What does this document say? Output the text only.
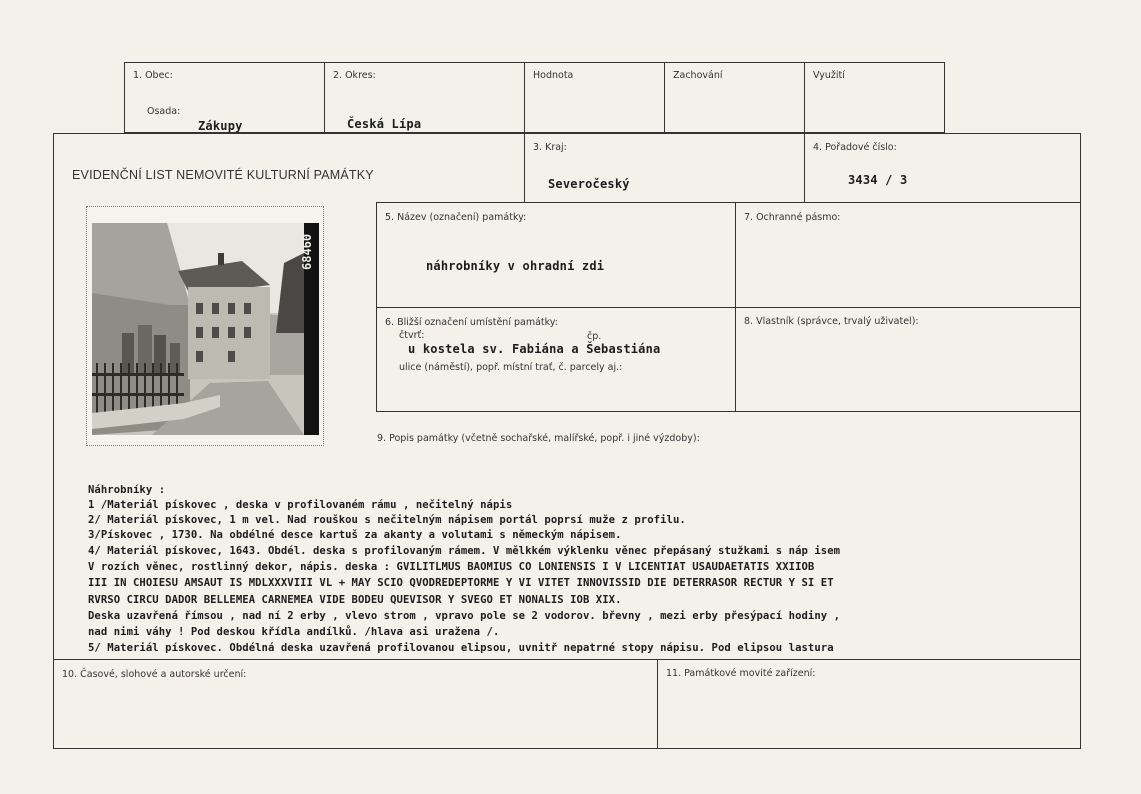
1. Obec:
Osada:
Zákupy
2. Okres:
Česká Lípa
Hodnota	Zachování	Využití
EVIDENČNÍ LIST NEMOVITÉ KULTURNÍ PAMÁTKY
3. Kraj:
Severočeský
4. Pořadové číslo:
3434 / 3
5. Název (označení) památky:
náhrobníky v ohradní zdi
7. Ochranné pásmo:
6. Bližší označení umístění památky:
čtvrť:	čp.
u kostela sv. Fabiána a Šebastiána
ulice (náměstí), popř. místní trať, č. parcely aj.:
8. Vlastník (správce, trvalý uživatel):
68460
9. Popis památky (včetně sochařské, malířské, popř. i jiné výzdoby):
Náhrobníky :
1 /Materiál pískovec , deska v profilovaném rámu , nečitelný nápis
2/ Materiál pískovec, 1 m vel. Nad rouškou s nečitelným nápisem portál poprsí muže z profilu.
3/Pískovec , 1730. Na obdélné desce kartuš za akanty a volutami s německým nápisem.
4/ Materiál pískovec, 1643. Obdél. deska s profilovaným rámem. V mělkkém výklenku věnec přepásaný stužkami s náp isem
V rozích věnec, rostlinný dekor, nápis. deska : GVILITLMUS BAOMIUS CO LONIENSIS I V LICENTIAT USAUDAETATIS XXIIOB
III IN CHOIESU AMSAUT IS MDLXXXVIII VL + MAY SCIO QVODREDEPTORME Y VI VITET INNOVISSID DIE DETERRASOR RECTUR Y SI ET
RVRSO CIRCU DADOR BELLEMEA CARNEMEA VIDE BODEU QUEVISOR Y SVEGO ET NONALIS IOB XIX.
Deska uzavřená římsou , nad ní 2 erby , vlevo strom , vpravo pole se 2 vodorov. břevny , mezi erby přesýpací hodiny ,
nad nimi váhy ! Pod deskou křídla andílků. /hlava asi uražena /.
5/ Materiál pískovec. Obdélná deska uzavřená profilovanou elipsou, uvnitř nepatrné stopy nápisu. Pod elipsou lastura
10. Časové, slohové a autorské určení:	11. Památkové movité zařízení:
